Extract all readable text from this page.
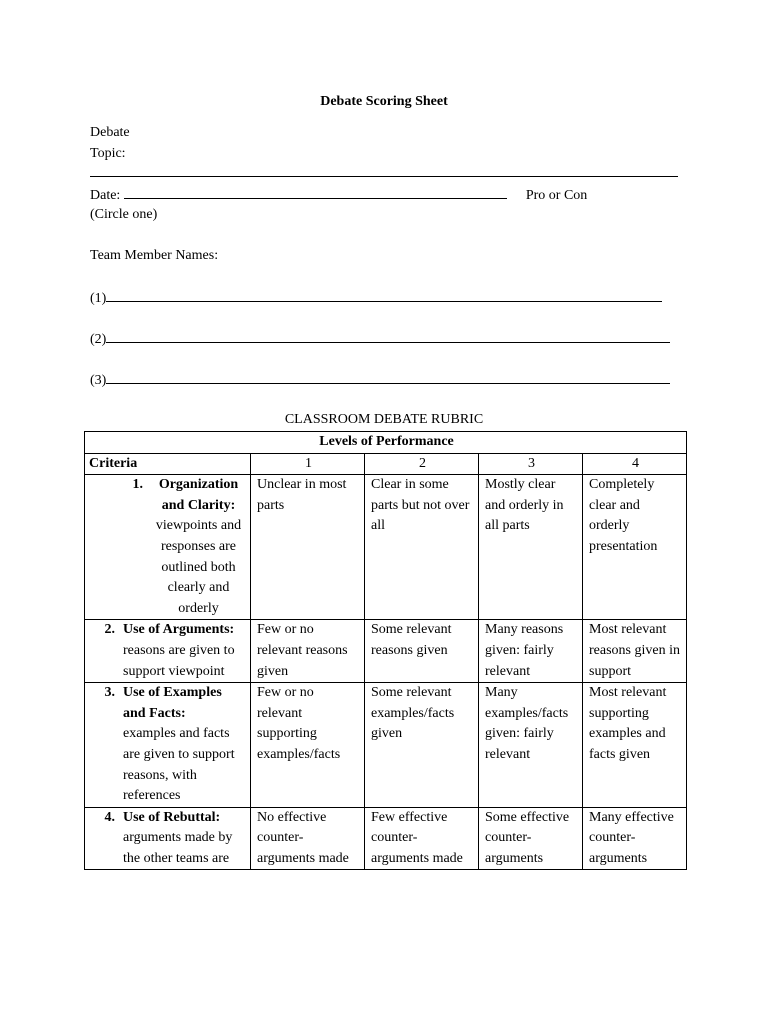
Debate Scoring Sheet
Debate
Topic:
Date:	Pro or Con
(Circle one)
Team Member Names:
(1)
(2)
(3)
CLASSROOM DEBATE RUBRIC
Levels of Performance				
Criteria	1	2	3	4

1. Organization and Clarity:
viewpoints and responses are outlined both clearly and orderly	Unclear in most parts	Clear in some parts but not over all	Mostly clear and orderly in all parts	Completely clear and orderly presentation

2. Use of Arguments:
reasons are given to support viewpoint	Few or no relevant reasons given	Some relevant reasons given	Many reasons given: fairly relevant	Most relevant reasons given in support

3. Use of Examples and Facts:
examples and facts are given to support reasons, with references	Few or no relevant supporting examples/facts	Some relevant examples/facts given	Many examples/facts given: fairly relevant	Most relevant supporting examples and facts given

4. Use of Rebuttal:
arguments made by the other teams are	No effective counter-arguments made	Few effective counter-arguments made	Some effective counter-arguments	Many effective counter-arguments
